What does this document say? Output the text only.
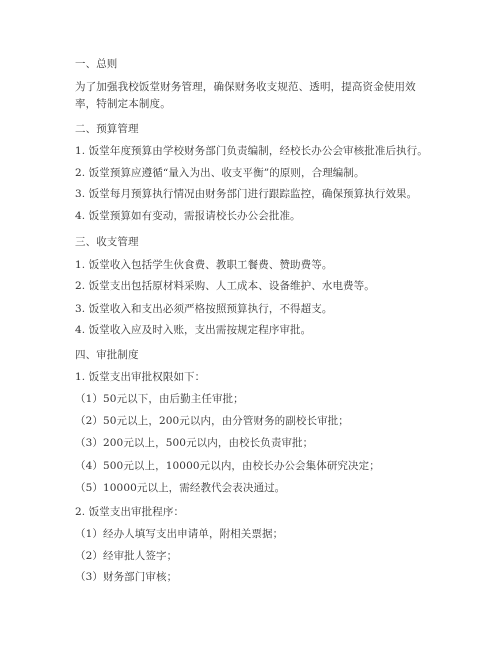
一、总则
为了加强我校饭堂财务管理，确保财务收支规范、透明，提高资金使用效率，特制定本制度。
二、预算管理
1. 饭堂年度预算由学校财务部门负责编制，经校长办公会审核批准后执行。
2. 饭堂预算应遵循“量入为出、收支平衡”的原则，合理编制。
3. 饭堂每月预算执行情况由财务部门进行跟踪监控，确保预算执行效果。
4. 饭堂预算如有变动，需报请校长办公会批准。
三、收支管理
1. 饭堂收入包括学生伙食费、教职工餐费、赞助费等。
2. 饭堂支出包括原材料采购、人工成本、设备维护、水电费等。
3. 饭堂收入和支出必须严格按照预算执行，不得超支。
4. 饭堂收入应及时入账，支出需按规定程序审批。
四、审批制度
1. 饭堂支出审批权限如下：
（1）50元以下，由后勤主任审批；
（2）50元以上，200元以内，由分管财务的副校长审批；
（3）200元以上，500元以内，由校长负责审批；
（4）500元以上，10000元以内，由校长办公会集体研究决定；
（5）10000元以上，需经教代会表决通过。
2. 饭堂支出审批程序：
（1）经办人填写支出申请单，附相关票据；
（2）经审批人签字；
（3）财务部门审核；
